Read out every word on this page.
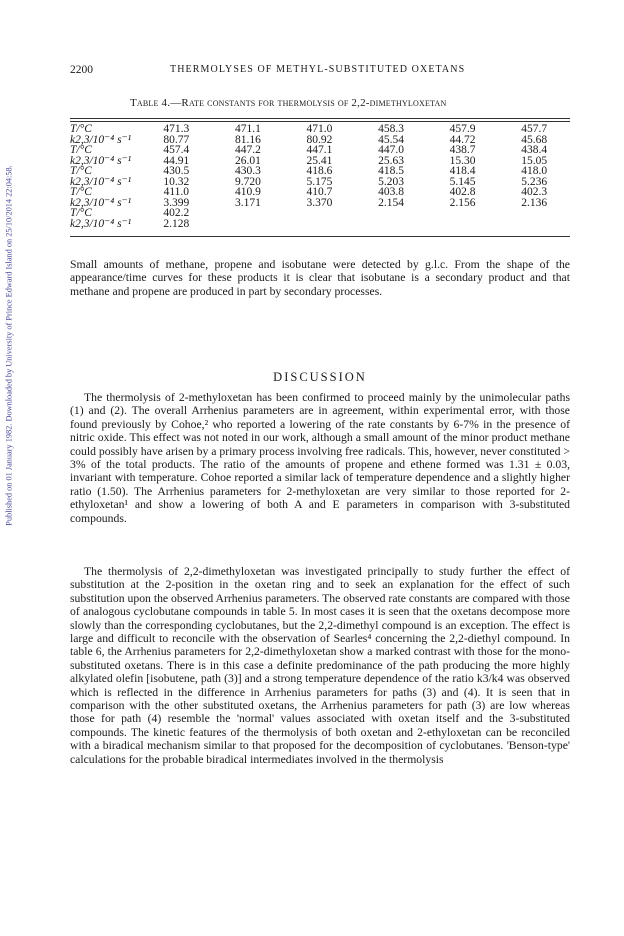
Published on 01 January 1982. Downloaded by University of Prince Edward Island on 25/10/2014 22:04:58.
2200	THERMOLYSES OF METHYL-SUBSTITUTED OXETANS
Table 4.—Rate constants for thermolysis of 2,2-dimethyloxetan
T/°C	471.3	471.1	471.0	458.3	457.9	457.7
k2,3/10⁻⁴ s⁻¹	80.77	81.16	80.92	45.54	44.72	45.68
T/°C	457.4	447.2	447.1	447.0	438.7	438.4
k2,3/10⁻⁴ s⁻¹	44.91	26.01	25.41	25.63	15.30	15.05
T/°C	430.5	430.3	418.6	418.5	418.4	418.0
k2,3/10⁻⁴ s⁻¹	10.32	9.720	5.175	5.203	5.145	5.236
T/°C	411.0	410.9	410.7	403.8	402.8	402.3
k2,3/10⁻⁴ s⁻¹	3.399	3.171	3.370	2.154	2.156	2.136
T/°C	402.2					
k2,3/10⁻⁴ s⁻¹	2.128					

Small amounts of methane, propene and isobutane were detected by g.l.c. From the shape of the appearance/time curves for these products it is clear that isobutane is a secondary product and that methane and propene are produced in part by secondary processes.

DISCUSSION

The thermolysis of 2-methyloxetan has been confirmed to proceed mainly by the unimolecular paths (1) and (2). The overall Arrhenius parameters are in agreement, within experimental error, with those found previously by Cohoe,² who reported a lowering of the rate constants by 6-7% in the presence of nitric oxide. This effect was not noted in our work, although a small amount of the minor product methane could possibly have arisen by a primary process involving free radicals. This, however, never constituted > 3% of the total products. The ratio of the amounts of propene and ethene formed was 1.31 ± 0.03, invariant with temperature. Cohoe reported a similar lack of temperature dependence and a slightly higher ratio (1.50). The Arrhenius parameters for 2-methyloxetan are very similar to those reported for 2-ethyloxetan¹ and show a lowering of both A and E parameters in comparison with 3-substituted compounds.

The thermolysis of 2,2-dimethyloxetan was investigated principally to study further the effect of substitution at the 2-position in the oxetan ring and to seek an explanation for the effect of such substitution upon the observed Arrhenius parameters. The observed rate constants are compared with those of analogous cyclobutane compounds in table 5. In most cases it is seen that the oxetans decompose more slowly than the corresponding cyclobutanes, but the 2,2-dimethyl compound is an exception. The effect is large and difficult to reconcile with the observation of Searles⁴ concerning the 2,2-diethyl compound. In table 6, the Arrhenius parameters for 2,2-dimethyloxetan show a marked contrast with those for the mono-substituted oxetans. There is in this case a definite predominance of the path producing the more highly alkylated olefin [isobutene, path (3)] and a strong temperature dependence of the ratio k3/k4 was observed which is reflected in the difference in Arrhenius parameters for paths (3) and (4). It is seen that in comparison with the other substituted oxetans, the Arrhenius parameters for path (3) are low whereas those for path (4) resemble the 'normal' values associated with oxetan itself and the 3-substituted compounds. The kinetic features of the thermolysis of both oxetan and 2-ethyloxetan can be reconciled with a biradical mechanism similar to that proposed for the decomposition of cyclobutanes. 'Benson-type' calculations for the probable biradical intermediates involved in the thermolysis
